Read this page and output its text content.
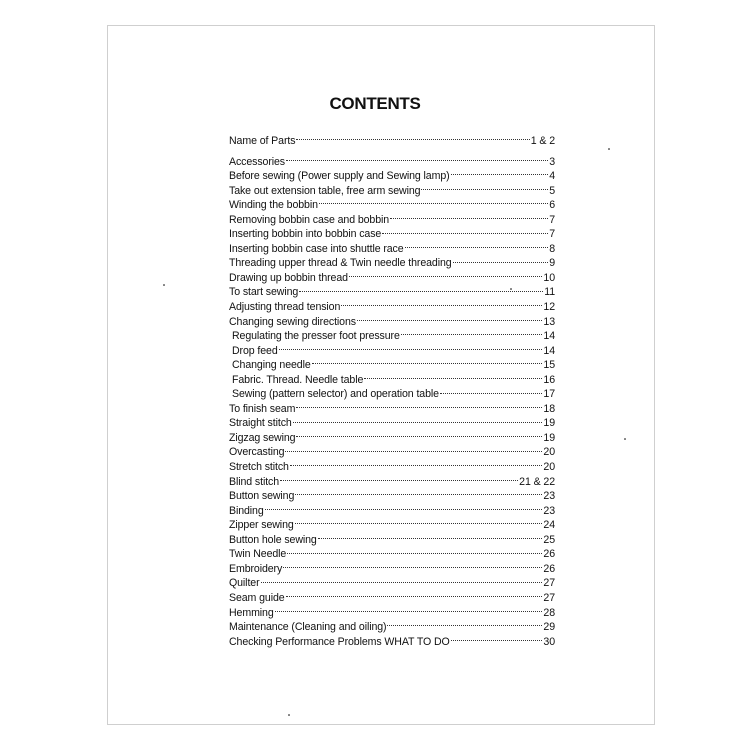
CONTENTS
Name of Parts	1 & 2
Accessories	3
Before sewing (Power supply and Sewing lamp)	4
Take out extension table, free arm sewing	5
Winding the bobbin	6
Removing bobbin case and bobbin	7
Inserting bobbin into bobbin case	7
Inserting bobbin case into shuttle race	8
Threading upper thread & Twin needle threading	9
Drawing up bobbin thread	10
To start sewing	11
Adjusting thread tension	12
Changing sewing directions	13
Regulating the presser foot pressure	14
Drop feed	14
Changing needle	15
Fabric. Thread. Needle table	16
Sewing (pattern selector) and operation table	17
To finish seam	18
Straight stitch	19
Zigzag sewing	19
Overcasting	20
Stretch stitch	20
Blind stitch	21 & 22
Button sewing	23
Binding	23
Zipper sewing	24
Button hole sewing	25
Twin Needle	26
Embroidery	26
Quilter	27
Seam guide	27
Hemming	28
Maintenance (Cleaning and oiling)	29
Checking Performance Problems WHAT TO DO	30
